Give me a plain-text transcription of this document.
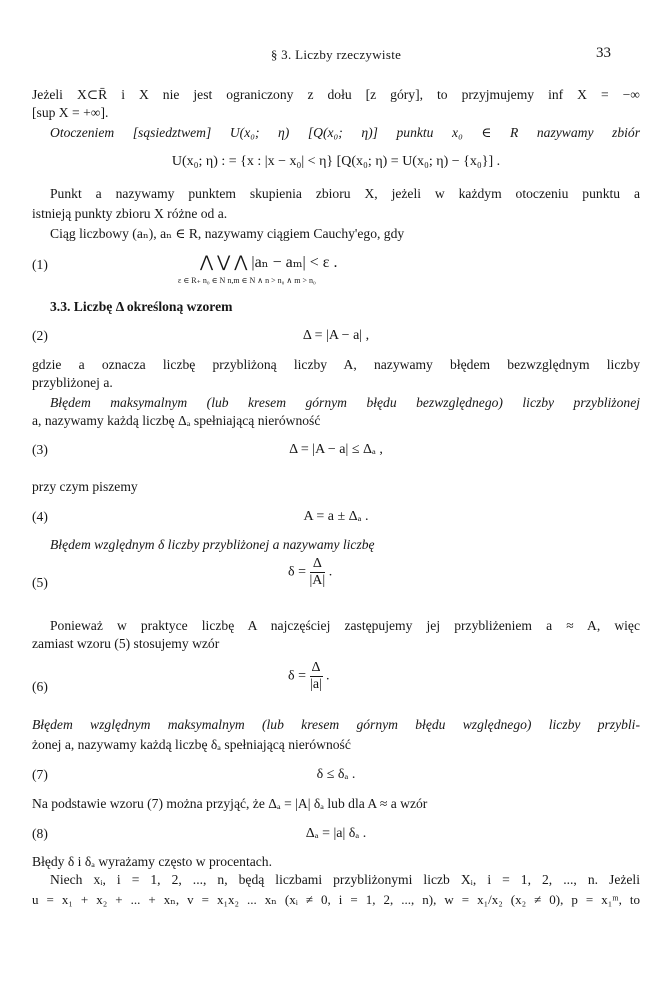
§ 3. Liczby rzeczywiste	33
Jeżeli X⊂R̄ i X nie jest ograniczony z dołu [z góry], to przyjmujemy inf X = −∞
[sup X = +∞].
Otoczeniem [sąsiedztwem] U(x₀; η) [Q(x₀; η)] punktu x₀ ∈ R nazywamy zbiór
U(x₀; η) : = {x : |x − x₀| < η} [Q(x₀; η) = U(x₀; η) − {x₀}] .
Punkt a nazywamy punktem skupienia zbioru X, jeżeli w każdym otoczeniu punktu a
istnieją punkty zbioru X różne od a.
Ciąg liczbowy (aₙ), aₙ ∈ R, nazywamy ciągiem Cauchy'ego, gdy
(1)	⋀ ⋁ ⋀ |aₙ − aₘ| < ε .
ε ∈ R₊ n₀ ∈ N n,m ∈ N ∧ n > n₀ ∧ m > n₀
3.3. Liczbę Δ określoną wzorem
(2)	Δ = |A − a| ,
gdzie a oznacza liczbę przybliżoną liczby A, nazywamy błędem bezwzględnym liczby
przybliżonej a.
Błędem maksymalnym (lub kresem górnym błędu bezwzględnego) liczby przybliżonej
a, nazywamy każdą liczbę Δₐ spełniającą nierówność
(3)	Δ = |A − a| ≤ Δₐ ,
przy czym piszemy
(4)	A = a ± Δₐ .
Błędem względnym δ liczby przybliżonej a nazywamy liczbę
(5)
$\delta = \frac{\Delta}{|A|}$ .
Ponieważ w praktyce liczbę A najczęściej zastępujemy jej przybliżeniem a ≈ A, więc
zamiast wzoru (5) stosujemy wzór
(6)
$\delta = \frac{\Delta}{|a|}$ .
Błędem względnym maksymalnym (lub kresem górnym błędu względnego) liczby przybli-
żonej a, nazywamy każdą liczbę δₐ spełniającą nierówność
(7)	δ ≤ δₐ .
Na podstawie wzoru (7) można przyjąć, że Δₐ = |A| δₐ lub dla A ≈ a wzór
(8)	Δₐ = |a| δₐ .
Błędy δ i δₐ wyrażamy często w procentach.
Niech xᵢ, i = 1, 2, ..., n, będą liczbami przybliżonymi liczb Xᵢ, i = 1, 2, ..., n. Jeżeli
u = x₁ + x₂ + ... + xₙ, v = x₁x₂ ... xₙ (xᵢ ≠ 0, i = 1, 2, ..., n), w = x₁/x₂ (x₂ ≠ 0), p = x₁ᵐ, to
